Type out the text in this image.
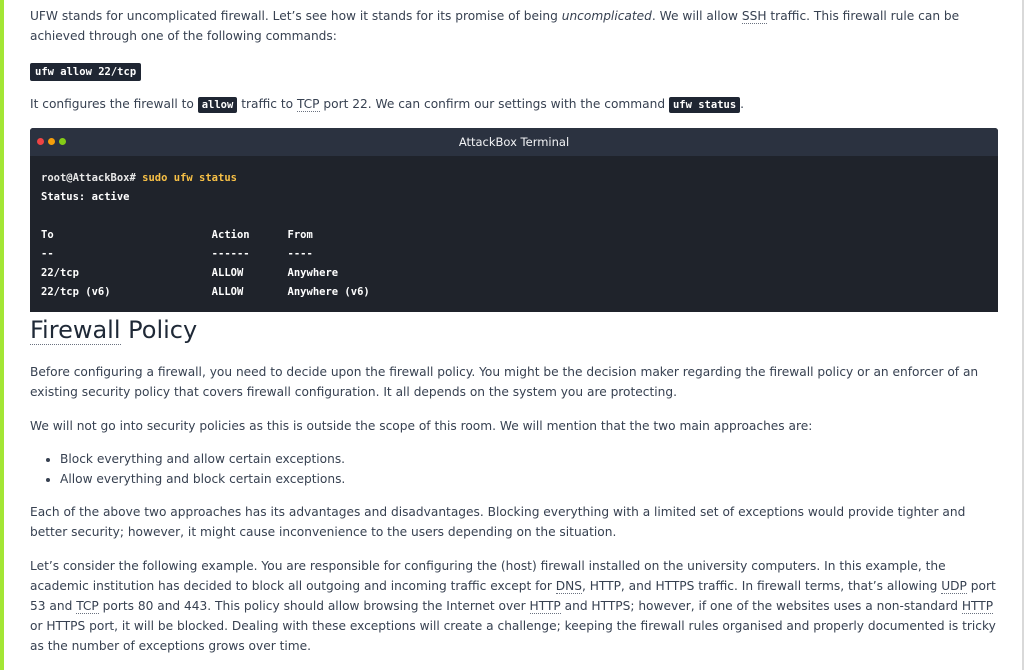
UFW stands for uncomplicated firewall. Let’s see how it stands for its promise of being uncomplicated. We will allow SSH traffic. This firewall rule can be achieved through one of the following commands:

ufw allow 22/tcp

It configures the firewall to allow traffic to TCP port 22. We can confirm our settings with the command ufw status .

AttackBox Terminal
root@AttackBox# sudo ufw status
Status: active

To                         Action      From
--                         ------      ----
22/tcp                     ALLOW       Anywhere
22/tcp (v6)                ALLOW       Anywhere (v6)
Firewall Policy

Before configuring a firewall, you need to decide upon the firewall policy. You might be the decision maker regarding the firewall policy or an enforcer of an existing security policy that covers firewall configuration. It all depends on the system you are protecting.

We will not go into security policies as this is outside the scope of this room. We will mention that the two main approaches are:

• Block everything and allow certain exceptions.
• Allow everything and block certain exceptions.

Each of the above two approaches has its advantages and disadvantages. Blocking everything with a limited set of exceptions would provide tighter and better security; however, it might cause inconvenience to the users depending on the situation.

Let’s consider the following example. You are responsible for configuring the (host) firewall installed on the university computers. In this example, the academic institution has decided to block all outgoing and incoming traffic except for DNS, HTTP, and HTTPS traffic. In firewall terms, that’s allowing UDP port 53 and TCP ports 80 and 443. This policy should allow browsing the Internet over HTTP and HTTPS; however, if one of the websites uses a non-standard HTTP or HTTPS port, it will be blocked. Dealing with these exceptions will create a challenge; keeping the firewall rules organised and properly documented is tricky as the number of exceptions grows over time.
